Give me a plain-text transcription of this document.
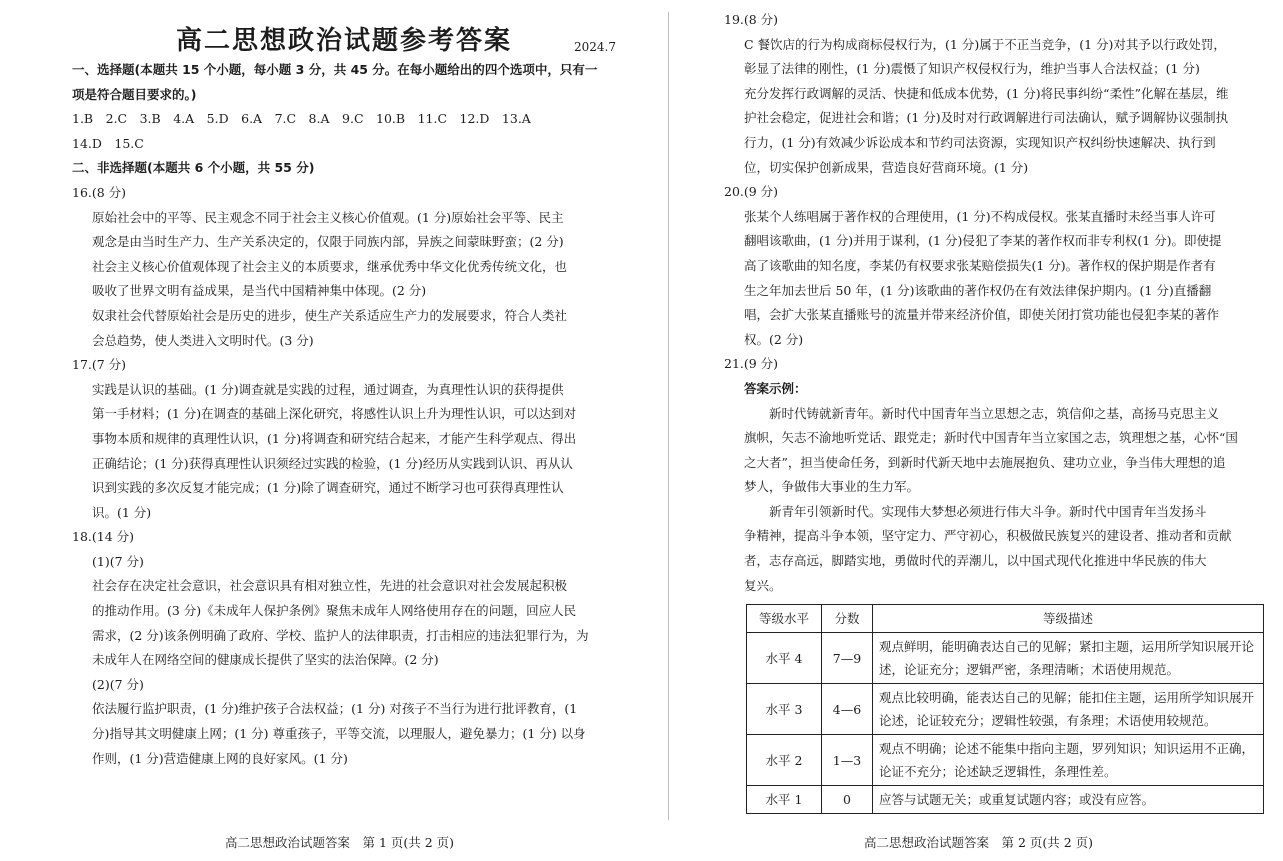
高二思想政治试题参考答案	2024.7

一、选择题(本题共 15 个小题，每小题 3 分，共 45 分。在每小题给出的四个选项中，只有一

项是符合题目要求的。)

1.B　2.C　3.B　4.A　5.D　6.A　7.C　8.A　9.C　10.B　11.C　12.D　13.A

14.D　15.C

二、非选择题(本题共 6 个小题，共 55 分)

16.(8 分)

原始社会中的平等、民主观念不同于社会主义核心价值观。(1 分)原始社会平等、民主

观念是由当时生产力、生产关系决定的，仅限于同族内部，异族之间蒙昧野蛮；(2 分)

社会主义核心价值观体现了社会主义的本质要求，继承优秀中华文化优秀传统文化，也

吸收了世界文明有益成果，是当代中国精神集中体现。(2 分)

奴隶社会代替原始社会是历史的进步，使生产关系适应生产力的发展要求，符合人类社

会总趋势，使人类进入文明时代。(3 分)

17.(7 分)

实践是认识的基础。(1 分)调查就是实践的过程，通过调查，为真理性认识的获得提供

第一手材料；(1 分)在调查的基础上深化研究，将感性认识上升为理性认识，可以达到对

事物本质和规律的真理性认识，(1 分)将调查和研究结合起来，才能产生科学观点、得出

正确结论；(1 分)获得真理性认识须经过实践的检验，(1 分)经历从实践到认识、再从认

识到实践的多次反复才能完成；(1 分)除了调查研究，通过不断学习也可获得真理性认

识。(1 分)

18.(14 分)

(1)(7 分)

社会存在决定社会意识，社会意识具有相对独立性，先进的社会意识对社会发展起积极

的推动作用。(3 分)《未成年人保护条例》聚焦未成年人网络使用存在的问题，回应人民

需求，(2 分)该条例明确了政府、学校、监护人的法律职责，打击相应的违法犯罪行为，为

未成年人在网络空间的健康成长提供了坚实的法治保障。(2 分)

(2)(7 分)

依法履行监护职责，(1 分)维护孩子合法权益；(1 分) 对孩子不当行为进行批评教育，(1

分)指导其文明健康上网；(1 分) 尊重孩子，平等交流，以理服人，避免暴力；(1 分) 以身

作则，(1 分)营造健康上网的良好家风。(1 分)

高二思想政治试题答案　第 1 页(共 2 页)

19.(8 分)

C 餐饮店的行为构成商标侵权行为，(1 分)属于不正当竞争，(1 分)对其予以行政处罚，

彰显了法律的刚性，(1 分)震慑了知识产权侵权行为，维护当事人合法权益；(1 分)

充分发挥行政调解的灵活、快捷和低成本优势，(1 分)将民事纠纷“柔性”化解在基层，维

护社会稳定，促进社会和谐；(1 分)及时对行政调解进行司法确认，赋予调解协议强制执

行力，(1 分)有效减少诉讼成本和节约司法资源，实现知识产权纠纷快速解决、执行到

位，切实保护创新成果，营造良好营商环境。(1 分)

20.(9 分)

张某个人练唱属于著作权的合理使用，(1 分)不构成侵权。张某直播时未经当事人许可

翻唱该歌曲，(1 分)并用于谋利，(1 分)侵犯了李某的著作权而非专利权(1 分)。即使提

高了该歌曲的知名度，李某仍有权要求张某赔偿损失(1 分)。著作权的保护期是作者有

生之年加去世后 50 年，(1 分)该歌曲的著作权仍在有效法律保护期内。(1 分)直播翻

唱，会扩大张某直播账号的流量并带来经济价值，即使关闭打赏功能也侵犯李某的著作

权。(2 分)

21.(9 分)

答案示例：

　　新时代铸就新青年。新时代中国青年当立思想之志，筑信仰之基，高扬马克思主义

旗帜，矢志不渝地听党话、跟党走；新时代中国青年当立家国之志，筑理想之基，心怀“国

之大者”，担当使命任务，到新时代新天地中去施展抱负、建功立业，争当伟大理想的追

梦人，争做伟大事业的生力军。

　　新青年引领新时代。实现伟大梦想必须进行伟大斗争。新时代中国青年当发扬斗

争精神，提高斗争本领，坚守定力、严守初心，积极做民族复兴的建设者、推动者和贡献

者，志存高远，脚踏实地，勇做时代的弄潮儿，以中国式现代化推进中华民族的伟大

复兴。

等级水平	分数	等级描述
水平 4	7—9	观点鲜明，能明确表达自己的见解；紧扣主题，运用所学知识展开论述，论证充分；逻辑严密，条理清晰；术语使用规范。
水平 3	4—6	观点比较明确，能表达自己的见解；能扣住主题，运用所学知识展开论述，论证较充分；逻辑性较强，有条理；术语使用较规范。
水平 2	1—3	观点不明确；论述不能集中指向主题，罗列知识；知识运用不正确，论证不充分；论述缺乏逻辑性，条理性差。
水平 1	0	应答与试题无关；或重复试题内容；或没有应答。
高二思想政治试题答案　第 2 页(共 2 页)
